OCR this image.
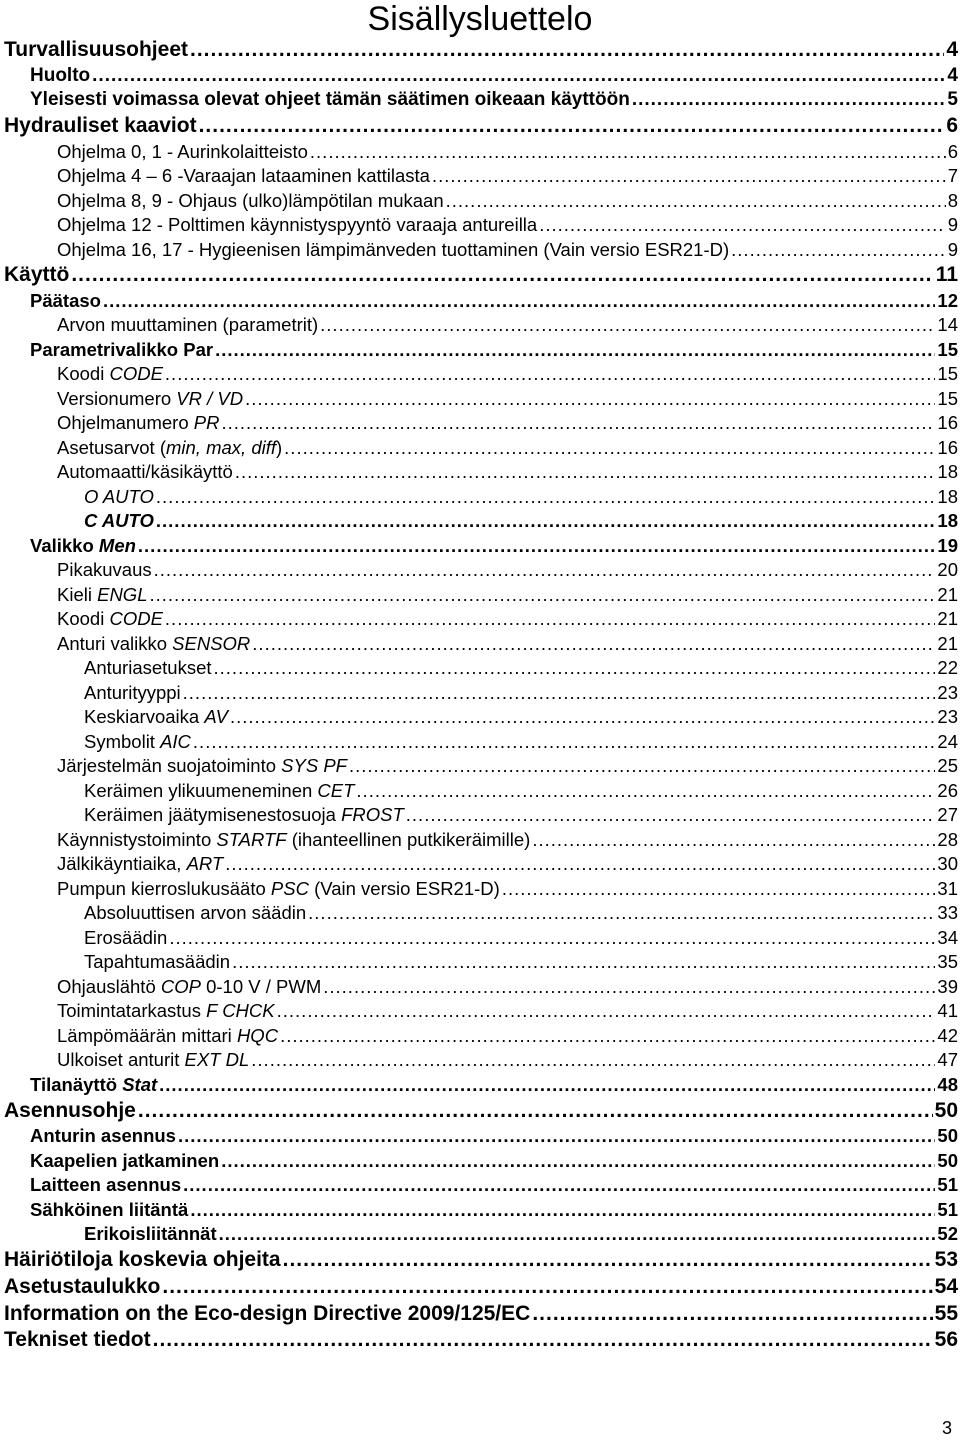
Sisällysluettelo
Turvallisuusohjeet .....	4
Huolto .....	4
Yleisesti voimassa olevat ohjeet tämän säätimen oikeaan käyttöön .....	5
Hydrauliset kaaviot .....	6
Ohjelma 0, 1 - Aurinkolaitteisto .....	6
Ohjelma 4 – 6 -Varaajan lataaminen kattilasta .....	7
Ohjelma 8, 9 - Ohjaus (ulko)lämpötilan mukaan .....	8
Ohjelma 12 - Polttimen käynnistyspyyntö varaaja antureilla .....	9
Ohjelma 16, 17 - Hygieenisen lämpimänveden tuottaminen (Vain versio ESR21-D) .....	9
Käyttö .....	11
Päätaso .....	12
Arvon muuttaminen (parametrit) .....	14
Parametrivalikko Par .....	15
Koodi CODE .....	15
Versionumero VR / VD .....	15
Ohjelmanumero PR .....	16
Asetusarvot (min, max, diff) .....	16
Automaatti/käsikäyttö .....	18
O AUTO .....	18
C AUTO .....	18
Valikko Men .....	19
Pikakuvaus .....	20
Kieli ENGL .....	21
Koodi CODE .....	21
Anturi valikko SENSOR .....	21
Anturiasetukset .....	22
Anturityyppi .....	23
Keskiarvoaika AV .....	23
Symbolit AIC .....	24
Järjestelmän suojatoiminto SYS PF .....	25
Keräimen ylikuumeneminen CET .....	26
Keräimen jäätymisenestosuoja FROST .....	27
Käynnistystoiminto STARTF (ihanteellinen putkikeräimille) .....	28
Jälkikäyntiaika, ART .....	30
Pumpun kierroslukusääto PSC (Vain versio ESR21-D) .....	31
Absoluuttisen arvon säädin .....	33
Erosäädin .....	34
Tapahtumasäädin .....	35
Ohjauslähtö COP 0-10 V / PWM .....	39
Toimintatarkastus F CHCK .....	41
Lämpömäärän mittari HQC .....	42
Ulkoiset anturit EXT DL .....	47
Tilanäyttö Stat .....	48
Asennusohje .....	50
Anturin asennus .....	50
Kaapelien jatkaminen .....	50
Laitteen asennus .....	51
Sähköinen liitäntä .....	51
Erikoisliitännät .....	52
Häiriötiloja koskevia ohjeita .....	53
Asetustaulukko .....	54
Information on the Eco-design Directive 2009/125/EC .....	55
Tekniset tiedot .....	56
3
